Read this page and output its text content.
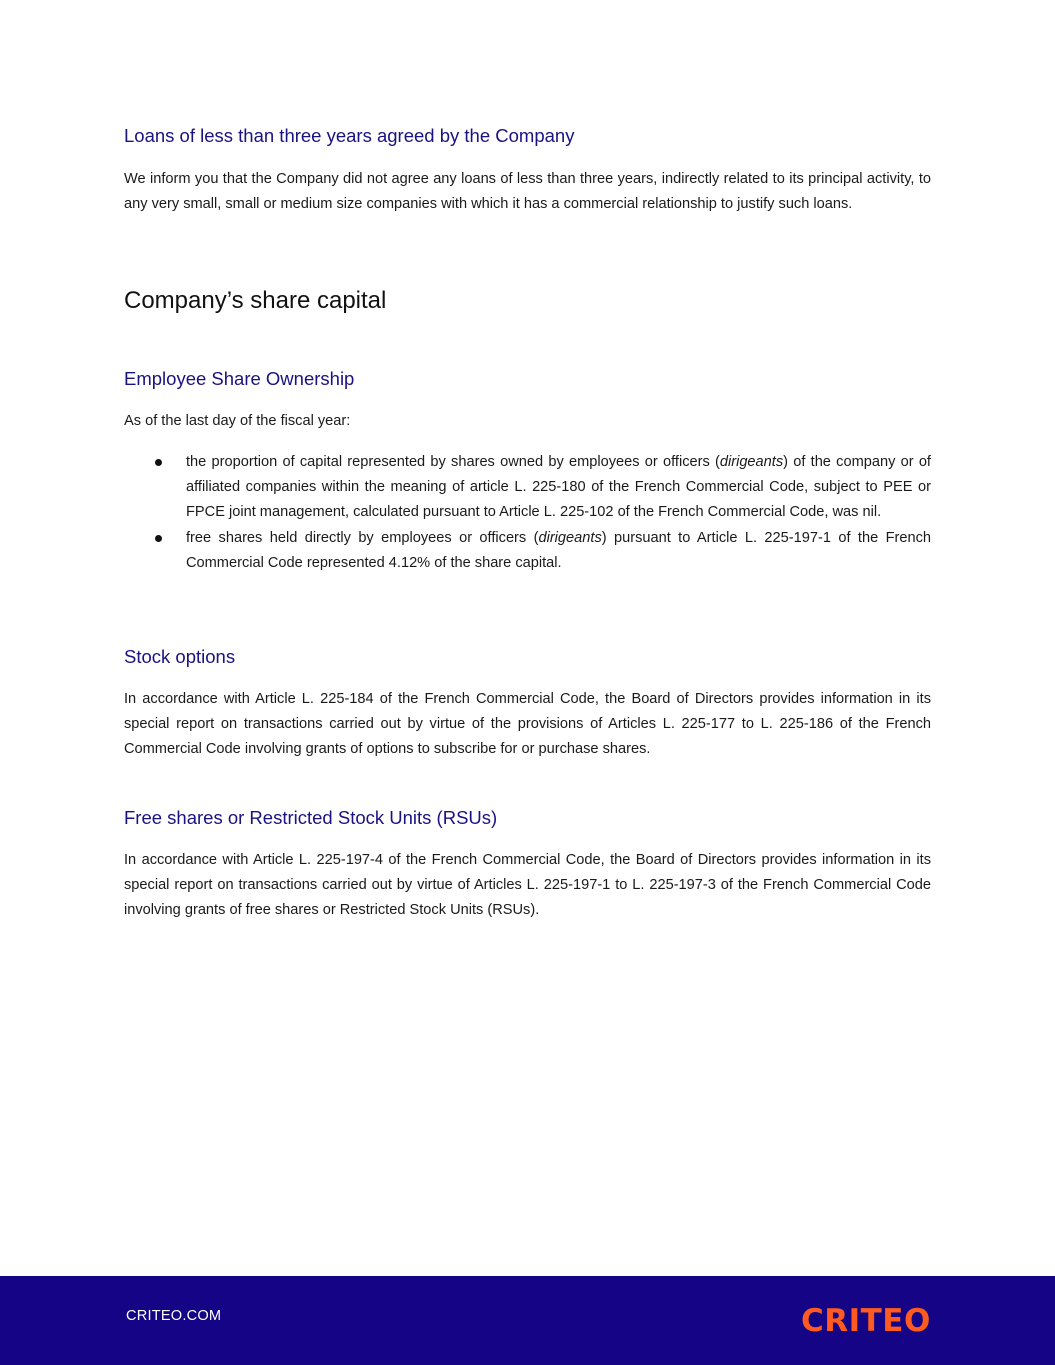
Loans of less than three years agreed by the Company

We inform you that the Company did not agree any loans of less than three years, indirectly related to its principal activity, to any very small, small or medium size companies with which it has a commercial relationship to justify such loans.

Company’s share capital
Employee Share Ownership

As of the last day of the fiscal year:

the proportion of capital represented by shares owned by employees or officers (dirigeants) of the company or of affiliated companies within the meaning of article L. 225-180 of the French Commercial Code, subject to PEE or FPCE joint management, calculated pursuant to Article L. 225-102 of the French Commercial Code, was nil.
free shares held directly by employees or officers (dirigeants) pursuant to Article L. 225-197-1 of the French Commercial Code represented 4.12% of the share capital.
Stock options

In accordance with Article L. 225-184 of the French Commercial Code, the Board of Directors provides information in its special report on transactions carried out by virtue of the provisions of Articles L. 225-177 to L. 225-186 of the French Commercial Code involving grants of options to subscribe for or purchase shares.

Free shares or Restricted Stock Units (RSUs)

In accordance with Article L. 225-197-4 of the French Commercial Code, the Board of Directors provides information in its special report on transactions carried out by virtue of Articles L. 225-197-1 to L. 225-197-3 of the French Commercial Code involving grants of free shares or Restricted Stock Units (RSUs).

CRITEO.COM	CRITEO
